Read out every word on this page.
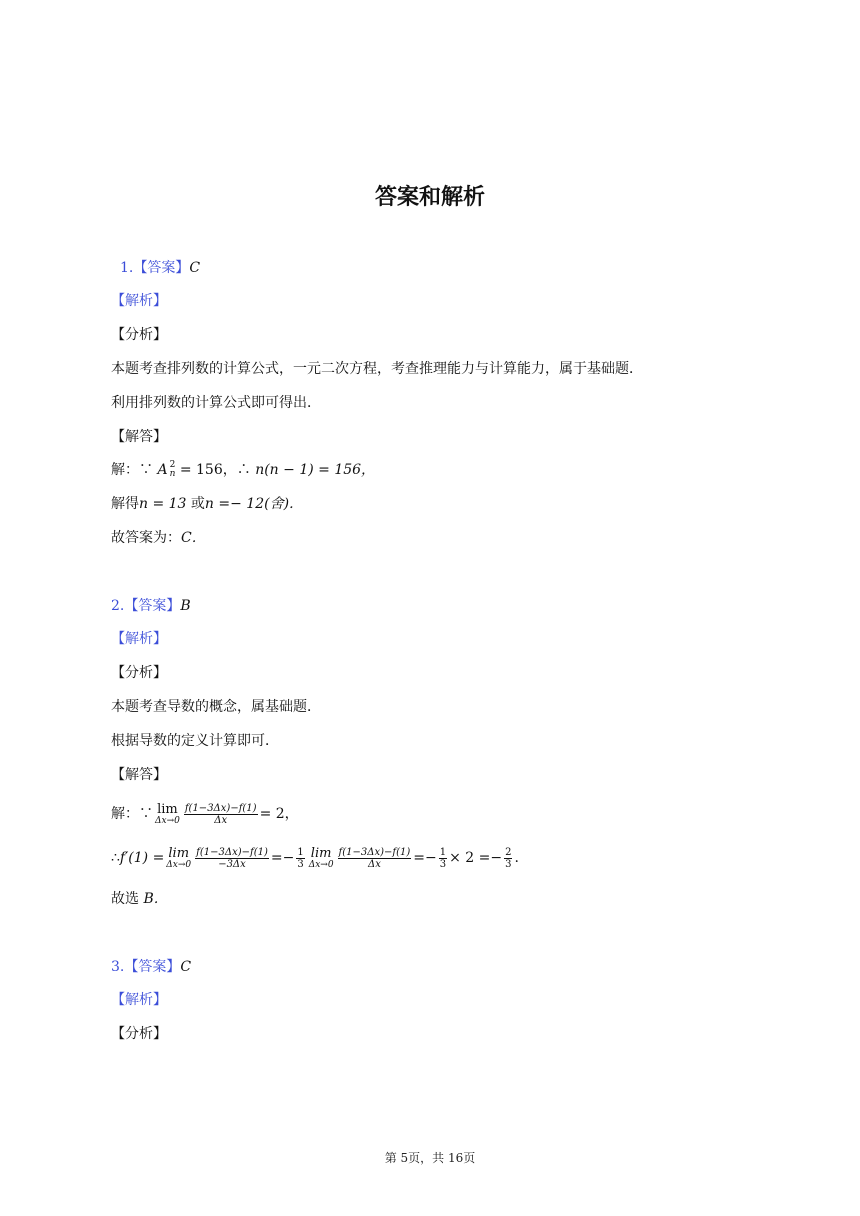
答案和解析
1.【答案】C
【解析】
【分析】
本题考查排列数的计算公式，一元二次方程，考查推理能力与计算能力，属于基础题．
利用排列数的计算公式即可得出．
【解答】
解：∵ A 2
n = 156，∴ n(n − 1) = 156，
解得n = 13 或n =− 12(舍)．
故答案为：C．
2.【答案】B
【解析】
【分析】
本题考查导数的概念，属基础题．
根据导数的定义计算即可．
【解答】
解：∵ lim
$\Delta x\to 0 \frac{f(1-3\Delta x)-f(1)}{\Delta x} = 2$，
∴ f′(1) = lim
$\Delta x\to 0 \frac{f(1-3\Delta x)-f(1)}{-3\Delta x} =- \frac{1}{3}$ lim
$\Delta x\to 0 \frac{f(1-3\Delta x)-f(1)}{\Delta x} =- \frac{1}{3} \times 2 =- \frac{2}{3}$ .
故选 B．
3.【答案】C
【解析】
【分析】
第 5页，共 16页
